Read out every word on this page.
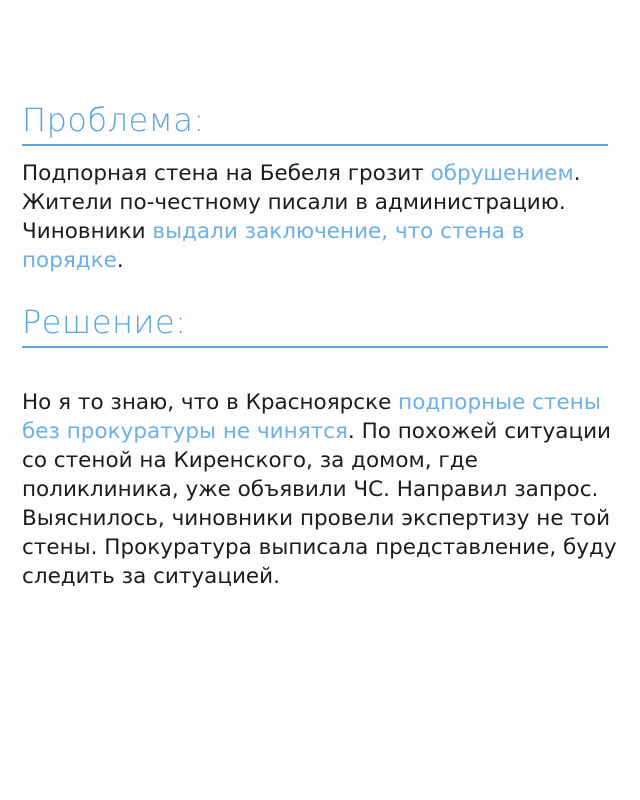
Проблема:
Подпорная стена на Бебеля грозит обрушением. Жители по-честному писали в администрацию. Чиновники выдали заключение, что стена в порядке.
Решение:
Но я то знаю, что в Красноярске подпорные стены без прокуратуры не чинятся. По похожей ситуации со стеной на Киренского, за домом, где поликлиника, уже объявили ЧС. Направил запрос. Выяснилось, чиновники провели экспертизу не той стены. Прокуратура выписала представление, буду следить за ситуацией.
